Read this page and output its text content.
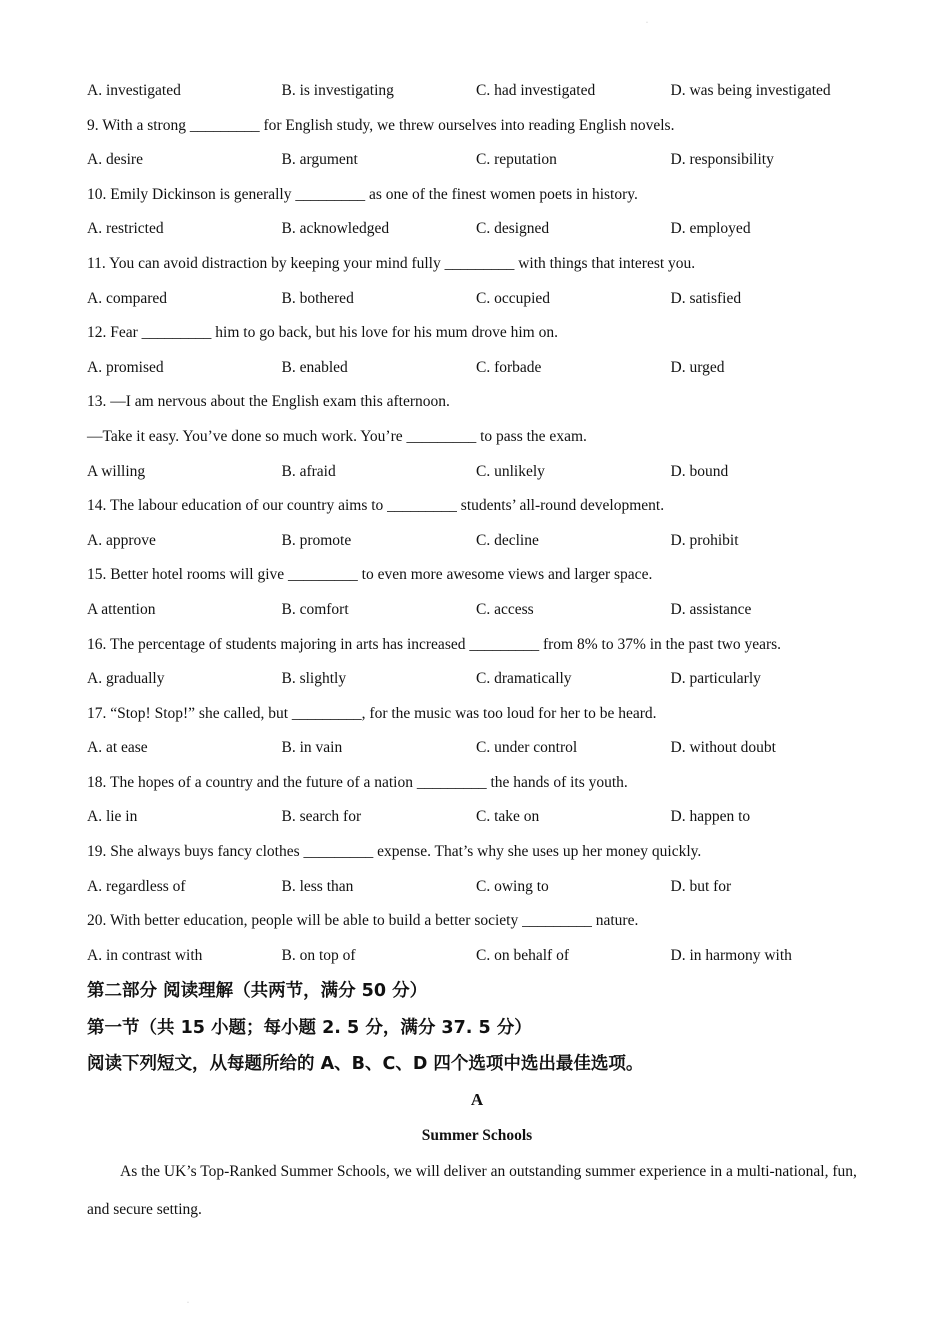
·
·
A. investigated	B. is investigating	C. had investigated	D. was being investigated
9. With a strong _________ for English study, we threw ourselves into reading English novels.
A. desire	B. argument	C. reputation	D. responsibility
10. Emily Dickinson is generally _________ as one of the finest women poets in history.
A. restricted	B. acknowledged	C. designed	D. employed
11. You can avoid distraction by keeping your mind fully _________ with things that interest you.
A. compared	B. bothered	C. occupied	D. satisfied
12. Fear _________ him to go back, but his love for his mum drove him on.
A. promised	B. enabled	C. forbade	D. urged
13. —I am nervous about the English exam this afternoon.
—Take it easy. You’ve done so much work. You’re _________ to pass the exam.
A willing	B. afraid	C. unlikely	D. bound
14. The labour education of our country aims to _________ students’ all-round development.
A. approve	B. promote	C. decline	D. prohibit
15. Better hotel rooms will give _________ to even more awesome views and larger space.
A attention	B. comfort	C. access	D. assistance
16. The percentage of students majoring in arts has increased _________ from 8% to 37% in the past two years.
A. gradually	B. slightly	C. dramatically	D. particularly
17. “Stop! Stop!” she called, but _________, for the music was too loud for her to be heard.
A. at ease	B. in vain	C. under control	D. without doubt
18. The hopes of a country and the future of a nation _________ the hands of its youth.
A. lie in	B. search for	C. take on	D. happen to
19. She always buys fancy clothes _________ expense. That’s why she uses up her money quickly.
A. regardless of	B. less than	C. owing to	D. but for
20. With better education, people will be able to build a better society _________ nature.
A. in contrast with	B. on top of	C. on behalf of	D. in harmony with
第二部分 阅读理解（共两节，满分 50 分）
第一节（共 15 小题；每小题 2. 5 分，满分 37. 5 分）
阅读下列短文，从每题所给的 A、B、C、D 四个选项中选出最佳选项。
A
Summer Schools
As the UK’s Top-Ranked Summer Schools, we will deliver an outstanding summer experience in a multi-national, fun, and secure setting.
